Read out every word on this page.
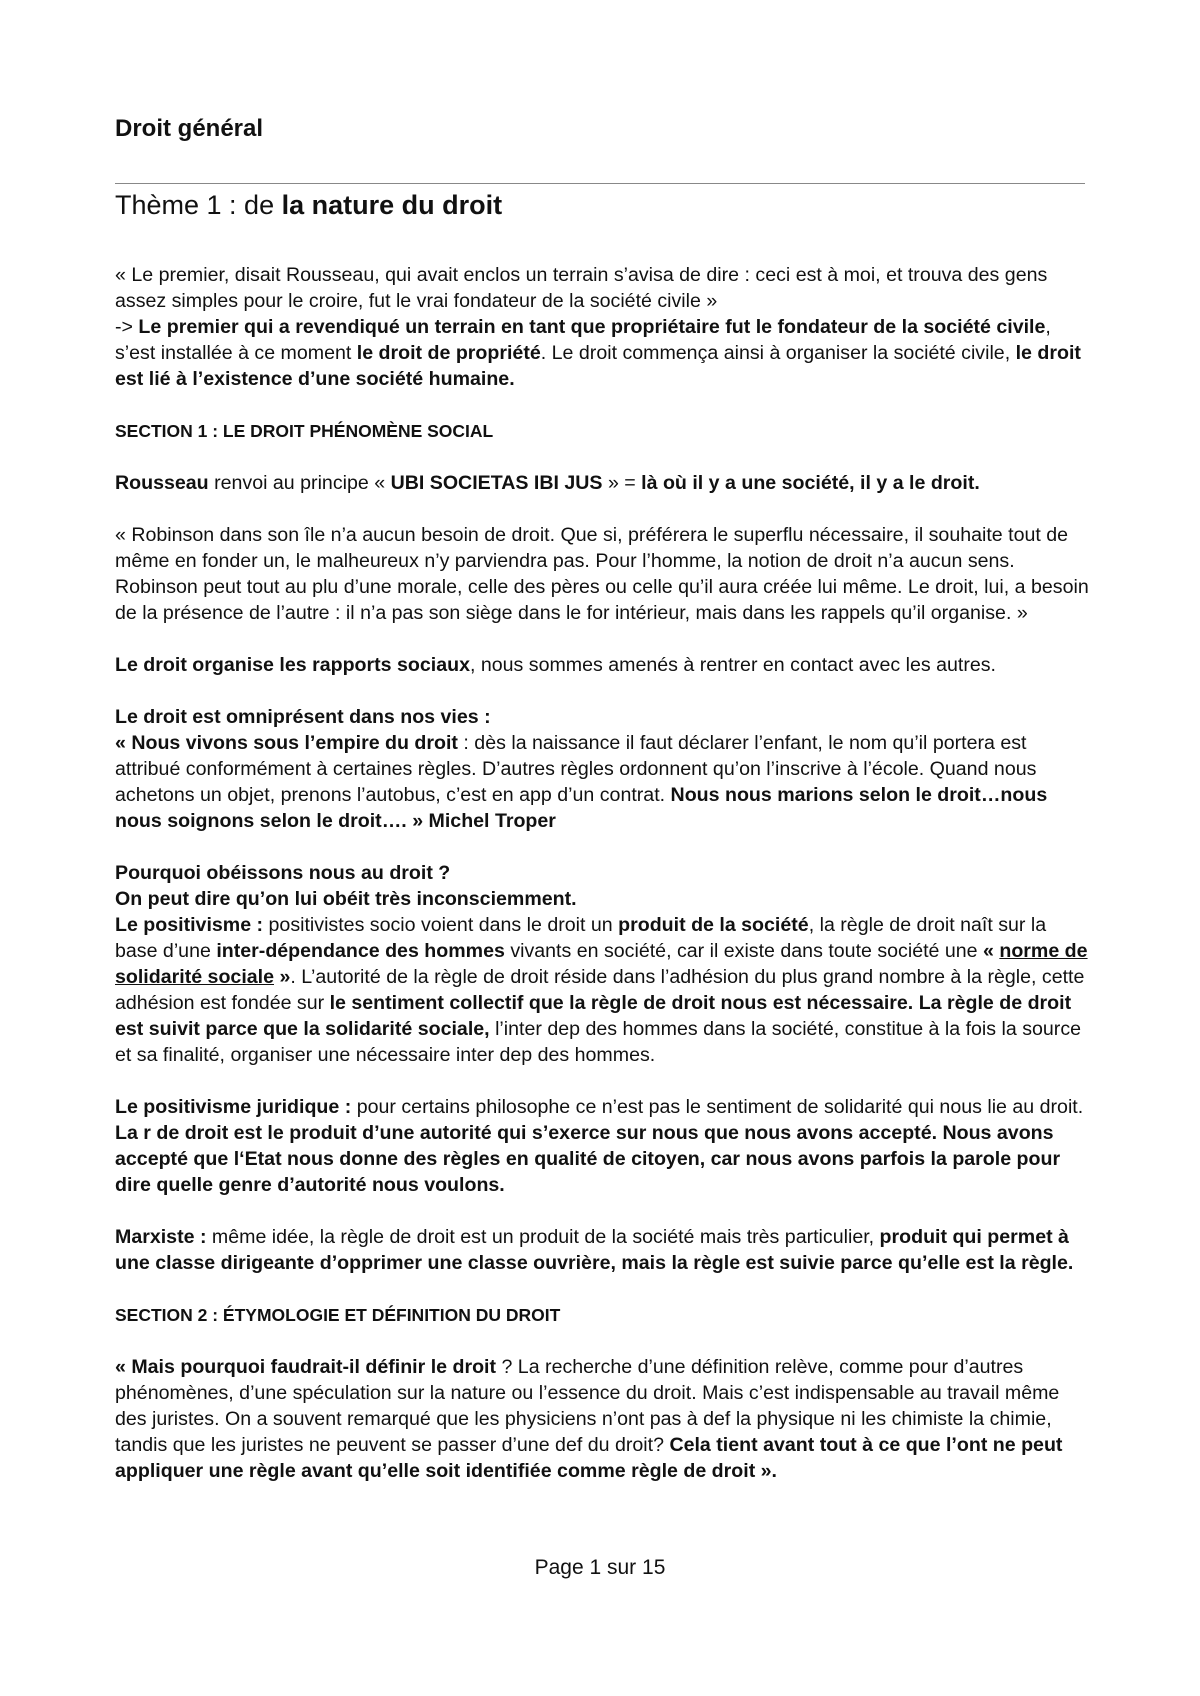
Droit général
Thème 1 : de la nature du droit

« Le premier, disait Rousseau, qui avait enclos un terrain s’avisa de dire : ceci est à moi, et trouva des gens assez simples pour le croire, fut le vrai fondateur de la société civile »

-> Le premier qui a revendiqué un terrain en tant que propriétaire fut le fondateur de la société civile, s’est installée à ce moment le droit de propriété. Le droit commença ainsi à organiser la société civile, le droit est lié à l’existence d’une société humaine.

SECTION 1 : LE DROIT PHÉNOMÈNE SOCIAL

Rousseau renvoi au principe « UBI SOCIETAS IBI JUS » = là où il y a une société, il y a le droit.

« Robinson dans son île n’a aucun besoin de droit. Que si, préférera le superflu nécessaire, il souhaite tout de même en fonder un, le malheureux n’y parviendra pas. Pour l’homme, la notion de droit n’a aucun sens. Robinson peut tout au plu d’une morale, celle des pères ou celle qu’il aura créée lui même. Le droit, lui, a besoin de la présence de l’autre : il n’a pas son siège dans le for intérieur, mais dans les rappels qu’il organise. »

Le droit organise les rapports sociaux, nous sommes amenés à rentrer en contact avec les autres.

Le droit est omniprésent dans nos vies :

« Nous vivons sous l’empire du droit : dès la naissance il faut déclarer l’enfant, le nom qu’il portera est attribué conformément à certaines règles. D’autres règles ordonnent qu’on l’inscrive à l’école. Quand nous achetons un objet, prenons l’autobus, c’est en app d’un contrat. Nous nous marions selon le droit…nous nous soignons selon le droit…. » Michel Troper

Pourquoi obéissons nous au droit ?

On peut dire qu’on lui obéit très inconsciemment.

Le positivisme : positivistes socio voient dans le droit un produit de la société, la règle de droit naît sur la base d’une inter-dépendance des hommes vivants en société, car il existe dans toute société une « norme de solidarité sociale ». L’autorité de la règle de droit réside dans l’adhésion du plus grand nombre à la règle, cette adhésion est fondée sur le sentiment collectif que la règle de droit nous est nécessaire. La règle de droit est suivit parce que la solidarité sociale, l’inter dep des hommes dans la société, constitue à la fois la source et sa finalité, organiser une nécessaire inter dep des hommes.

Le positivisme juridique : pour certains philosophe ce n’est pas le sentiment de solidarité qui nous lie au droit. La r de droit est le produit d’une autorité qui s’exerce sur nous que nous avons accepté. Nous avons accepté que l‘Etat nous donne des règles en qualité de citoyen, car nous avons parfois la parole pour dire quelle genre d’autorité nous voulons.

Marxiste : même idée, la règle de droit est un produit de la société mais très particulier, produit qui permet à une classe dirigeante d’opprimer une classe ouvrière, mais la règle est suivie parce qu’elle est la règle.

SECTION 2 : ÉTYMOLOGIE ET DÉFINITION DU DROIT

« Mais pourquoi faudrait-il définir le droit ? La recherche d’une définition relève, comme pour d’autres phénomènes, d’une spéculation sur la nature ou l’essence du droit. Mais c’est indispensable au travail même des juristes. On a souvent remarqué que les physiciens n’ont pas à def la physique ni les chimiste la chimie, tandis que les juristes ne peuvent se passer d’une def du droit? Cela tient avant tout à ce que l’ont ne peut appliquer une règle avant qu’elle soit identifiée comme règle de droit ».

Page 1 sur 15
